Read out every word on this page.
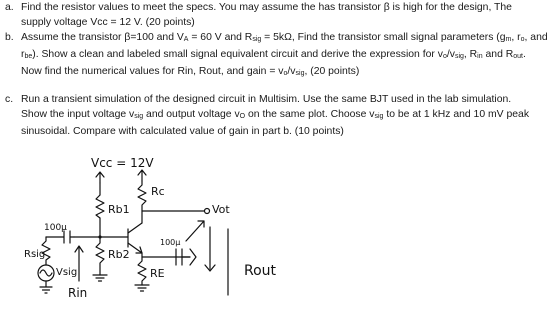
a. Find the resistor values to meet the specs. You may assume the has transistor β is high for the design, The
supply voltage Vcc = 12 V. (20 points)
b. Assume the transistor β=100 and VA = 60 V and Rsig = 5kΩ, Find the transistor small signal parameters (gm, ro, and
rbe). Show a clean and labeled small signal equivalent circuit and derive the expression for vo/vsig, Rin and Rout.
Now find the numerical values for Rin, Rout, and gain = vo/vsig, (20 points)
c. Run a transient simulation of the designed circuit in Multisim. Use the same BJT used in the lab simulation.
Show the input voltage vsig and output voltage vO on the same plot. Choose vsig to be at 1 kHz and 10 mV peak
sinusoidal. Compare with calculated value of gain in part b. (10 points)
Vcc = 12V
Rb1
100μ
Rb2
Rsig
Vsig
Rin
Rc
Vot
RE
100μ
Rout
